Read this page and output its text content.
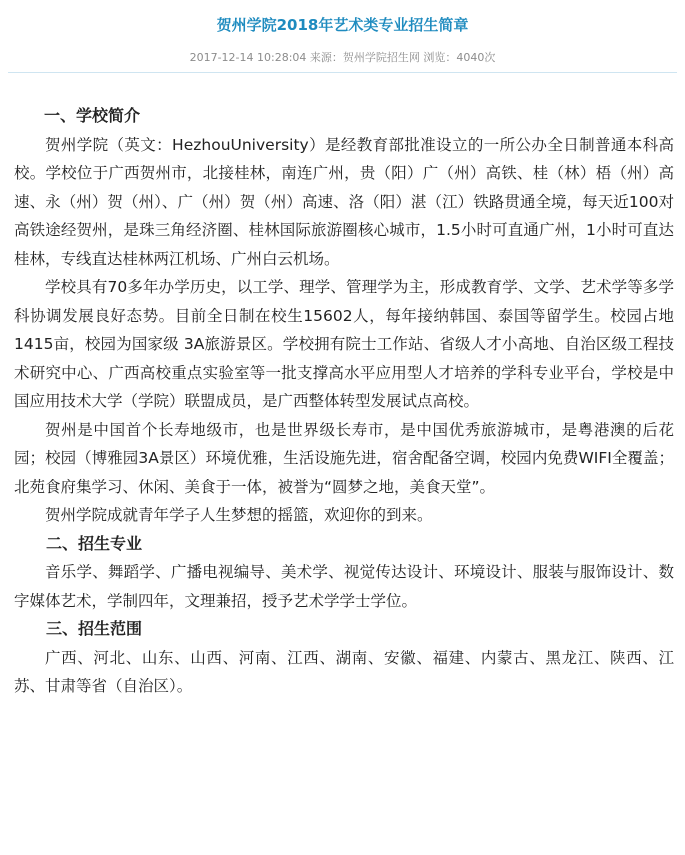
贺州学院2018年艺术类专业招生简章
2017-12-14 10:28:04 来源：贺州学院招生网 浏览：4040次
一、学校简介

贺州学院（英文：HezhouUniversity）是经教育部批准设立的一所公办全日制普通本科高校。学校位于广西贺州市，北接桂林，南连广州，贵（阳）广（州）高铁、桂（林）梧（州）高速、永（州）贺（州）、广（州）贺（州）高速、洛（阳）湛（江）铁路贯通全境，每天近100对高铁途经贺州，是珠三角经济圈、桂林国际旅游圈核心城市，1.5小时可直通广州，1小时可直达桂林，专线直达桂林两江机场、广州白云机场。

学校具有70多年办学历史，以工学、理学、管理学为主，形成教育学、文学、艺术学等多学科协调发展良好态势。目前全日制在校生15602人，每年接纳韩国、泰国等留学生。校园占地1415亩，校园为国家级 3A旅游景区。学校拥有院士工作站、省级人才小高地、自治区级工程技术研究中心、广西高校重点实验室等一批支撑高水平应用型人才培养的学科专业平台，学校是中国应用技术大学（学院）联盟成员，是广西整体转型发展试点高校。

贺州是中国首个长寿地级市，也是世界级长寿市，是中国优秀旅游城市，是粤港澳的后花园；校园（博雅园3A景区）环境优雅，生活设施先进，宿舍配备空调，校园内免费WIFI全覆盖；北苑食府集学习、休闲、美食于一体，被誉为“圆梦之地，美食天堂”。

贺州学院成就青年学子人生梦想的摇篮，欢迎你的到来。

二、招生专业

音乐学、舞蹈学、广播电视编导、美术学、视觉传达设计、环境设计、服装与服饰设计、数字媒体艺术，学制四年，文理兼招，授予艺术学学士学位。

三、招生范围

广西、河北、山东、山西、河南、江西、湖南、安徽、福建、内蒙古、黑龙江、陕西、江苏、甘肃等省（自治区）。
